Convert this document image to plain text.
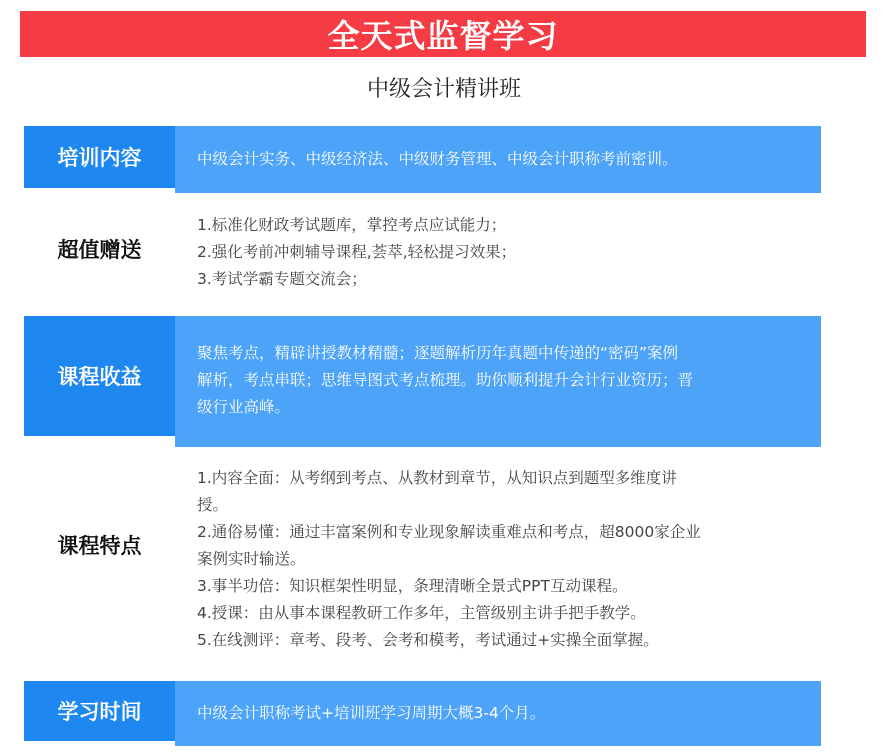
全天式监督学习
中级会计精讲班
培训内容	中级会计实务、中级经济法、中级财务管理、中级会计职称考前密训。
超值赠送
1.标准化财政考试题库，掌控考点应试能力；
2.强化考前冲刺辅导课程,荟萃,轻松提习效果；
3.考试学霸专题交流会；
课程收益
聚焦考点，精辟讲授教材精髓；逐题解析历年真题中传递的“密码”案例
解析，考点串联；思维导图式考点梳理。助你顺利提升会计行业资历；晋
级行业高峰。
课程特点
1.内容全面：从考纲到考点、从教材到章节，从知识点到题型多维度讲
授。
2.通俗易懂：通过丰富案例和专业现象解读重难点和考点，超8000家企业
案例实时输送。
3.事半功倍：知识框架性明显，条理清晰全景式PPT互动课程。
4.授课：由从事本课程教研工作多年，主管级别主讲手把手教学。
5.在线测评：章考、段考、会考和模考，考试通过+实操全面掌握。
学习时间	中级会计职称考试+培训班学习周期大概3-4个月。
